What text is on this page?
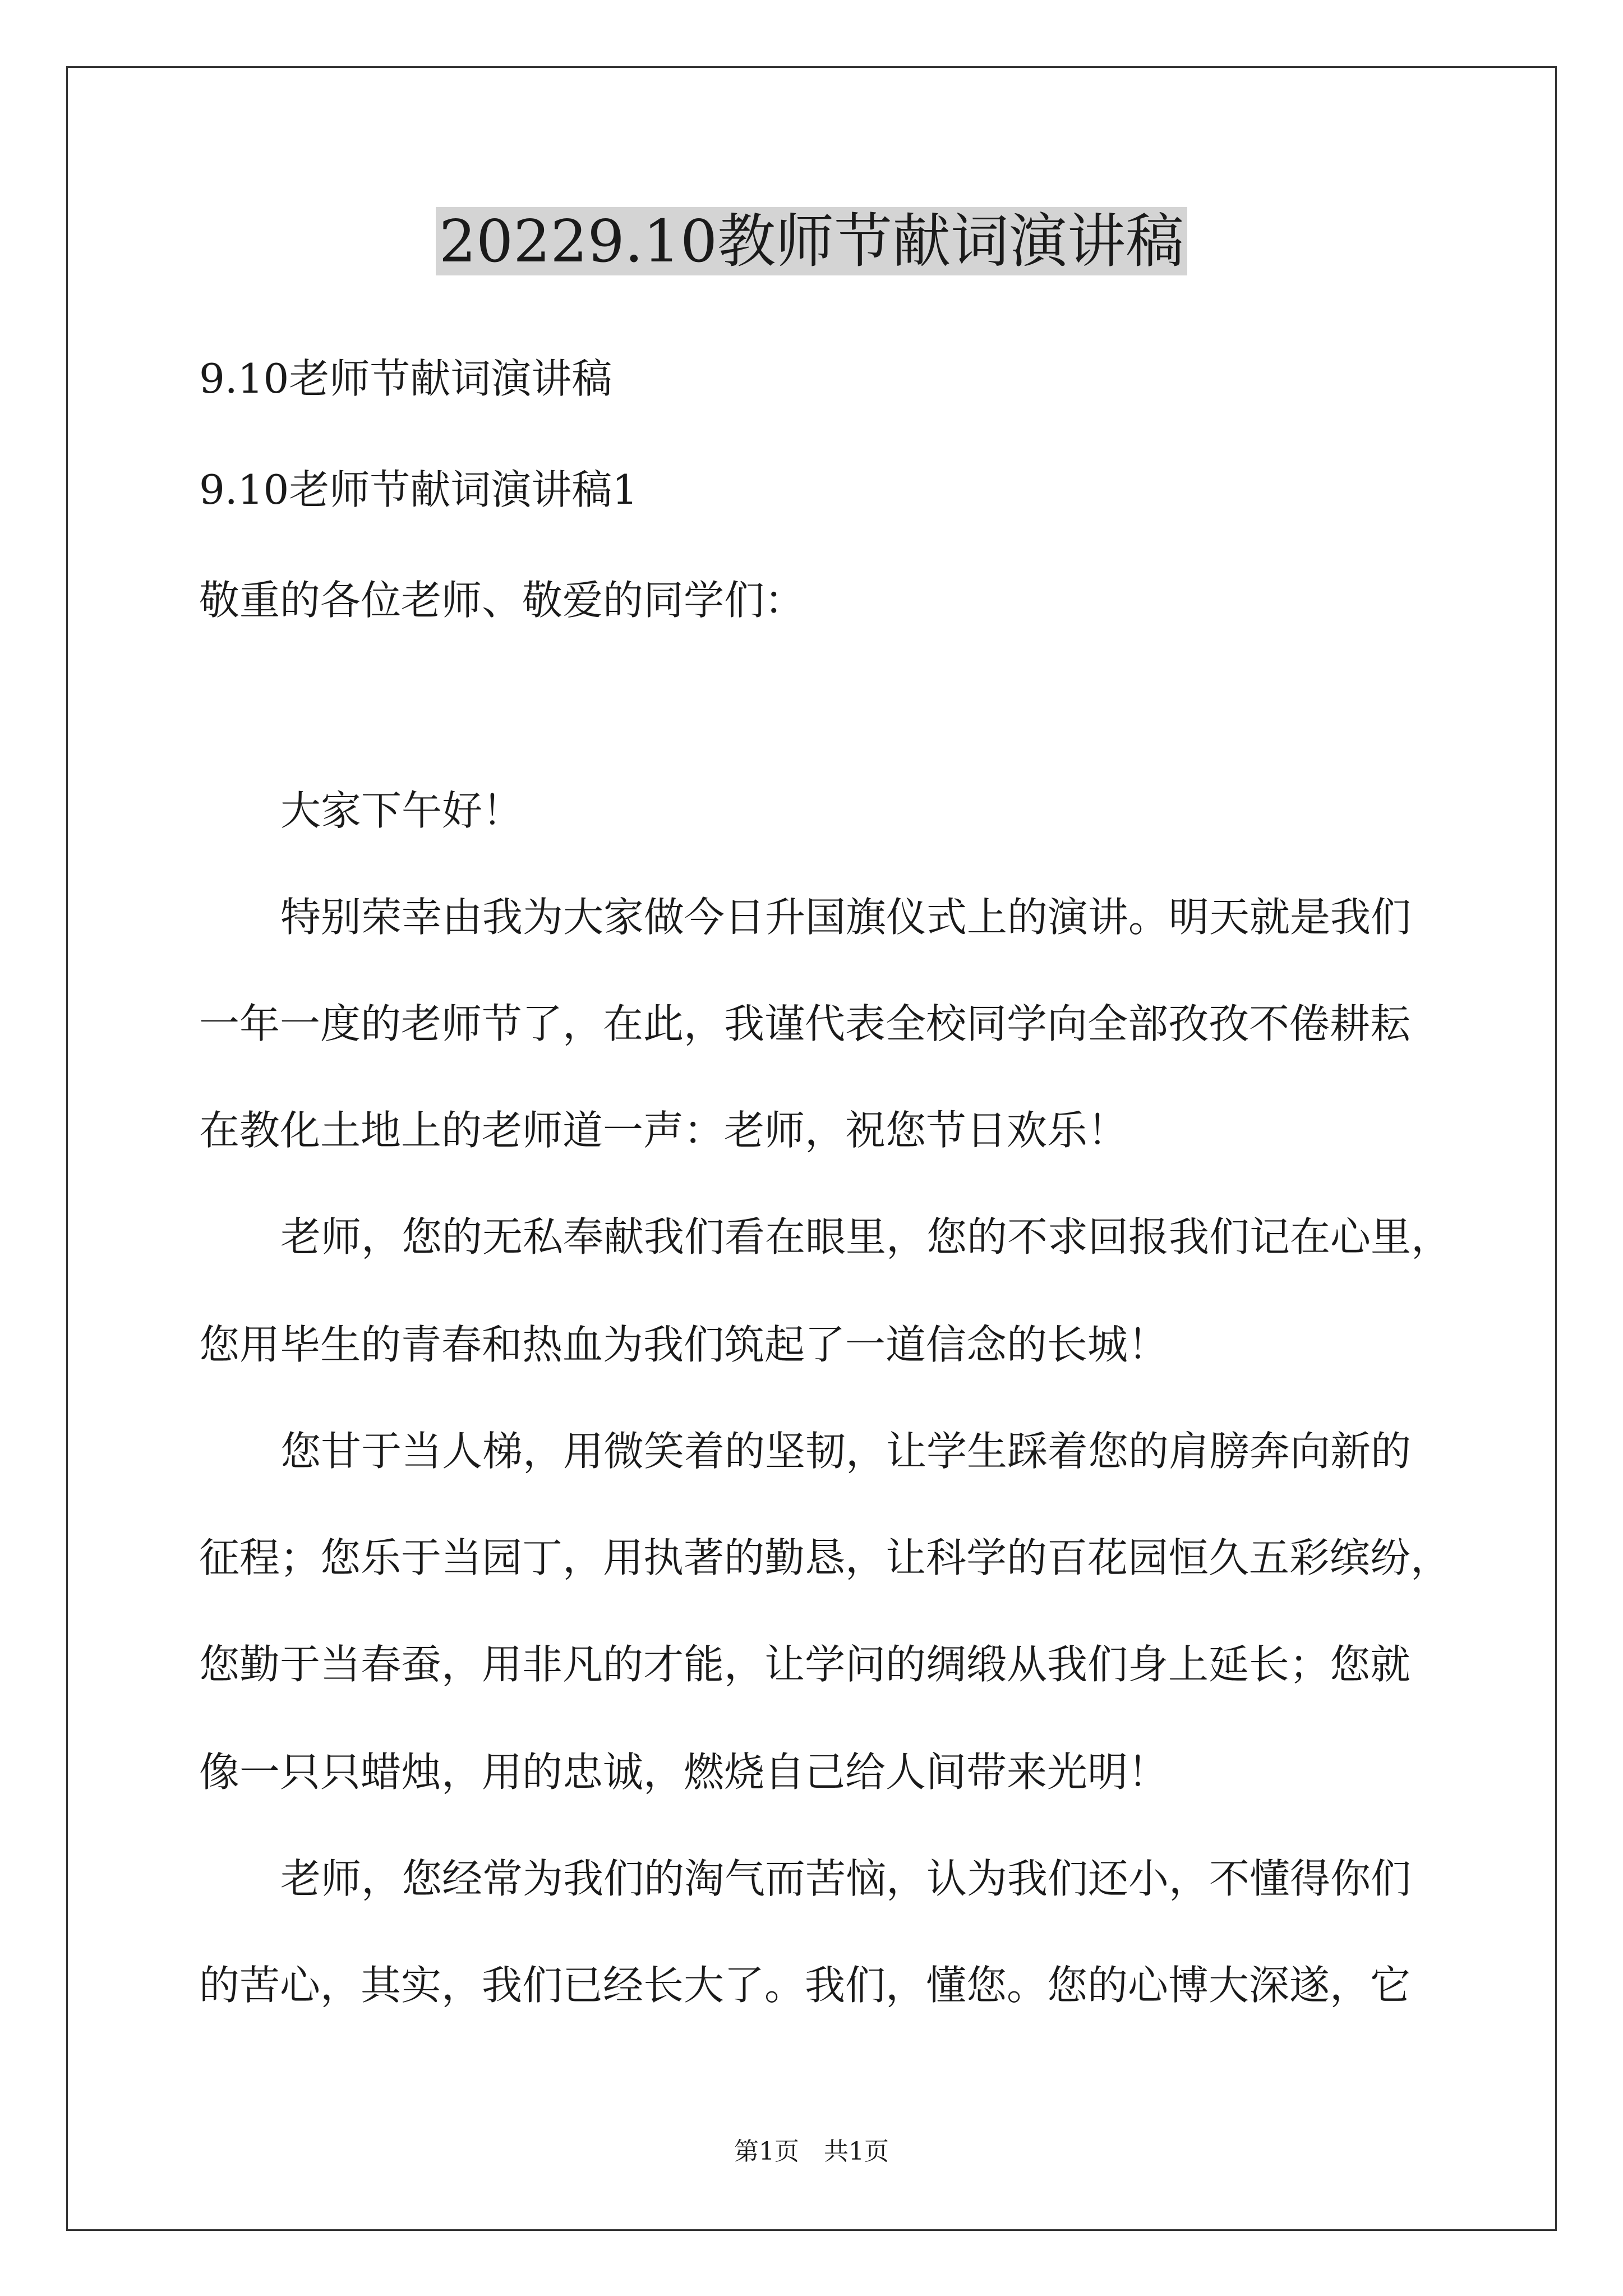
20229.10教师节献词演讲稿

9.10老师节献词演讲稿

9.10老师节献词演讲稿1

敬重的各位老师、敬爱的同学们：

大家下午好！

特别荣幸由我为大家做今日升国旗仪式上的演讲。明天就是我们

一年一度的老师节了，在此，我谨代表全校同学向全部孜孜不倦耕耘

在教化土地上的老师道一声：老师，祝您节日欢乐！

老师，您的无私奉献我们看在眼里，您的不求回报我们记在心里，

您用毕生的青春和热血为我们筑起了一道信念的长城！

您甘于当人梯，用微笑着的坚韧，让学生踩着您的肩膀奔向新的

征程；您乐于当园丁，用执著的勤恳，让科学的百花园恒久五彩缤纷，

您勤于当春蚕，用非凡的才能，让学问的绸缎从我们身上延长；您就

像一只只蜡烛，用的忠诚，燃烧自己给人间带来光明！

老师，您经常为我们的淘气而苦恼，认为我们还小，不懂得你们

的苦心，其实，我们已经长大了。我们，懂您。您的心博大深遂，它

第1页　共1页
